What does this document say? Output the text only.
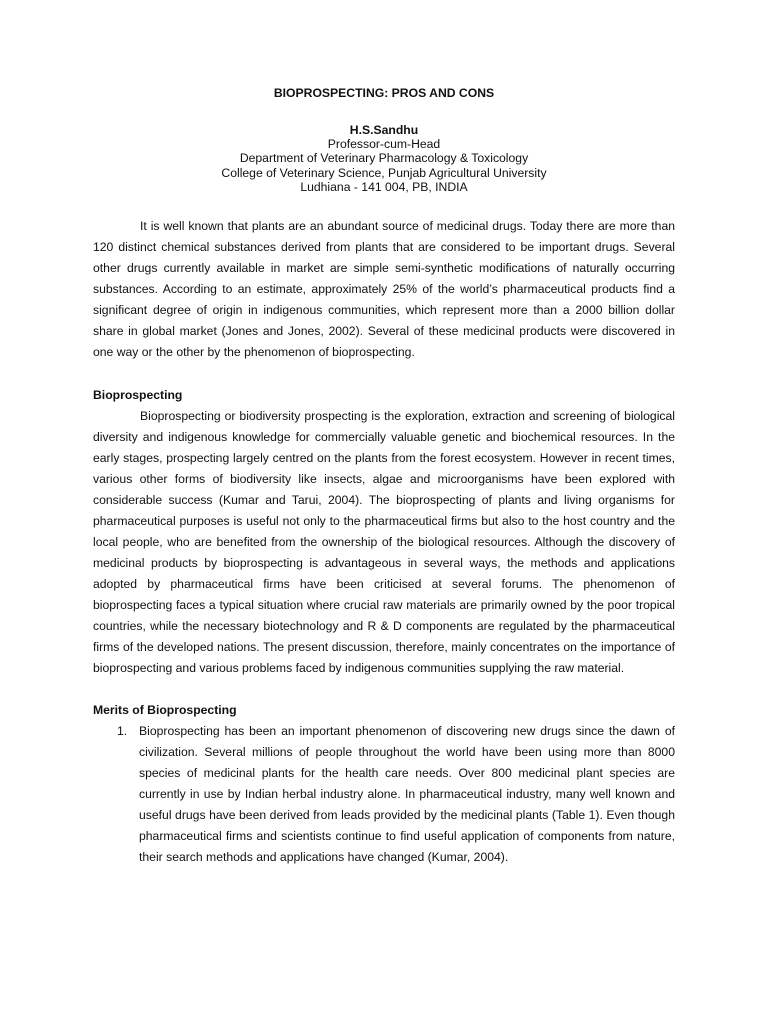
BIOPROSPECTING: PROS AND CONS
H.S.Sandhu
Professor-cum-Head
Department of Veterinary Pharmacology & Toxicology
College of Veterinary Science, Punjab Agricultural University
Ludhiana - 141 004, PB, INDIA

It is well known that plants are an abundant source of medicinal drugs. Today there are more than 120 distinct chemical substances derived from plants that are considered to be important drugs. Several other drugs currently available in market are simple semi-synthetic modifications of naturally occurring substances. According to an estimate, approximately 25% of the world’s pharmaceutical products find a significant degree of origin in indigenous communities, which represent more than a 2000 billion dollar share in global market (Jones and Jones, 2002). Several of these medicinal products were discovered in one way or the other by the phenomenon of bioprospecting.

Bioprospecting

Bioprospecting or biodiversity prospecting is the exploration, extraction and screening of biological diversity and indigenous knowledge for commercially valuable genetic and biochemical resources. In the early stages, prospecting largely centred on the plants from the forest ecosystem. However in recent times, various other forms of biodiversity like insects, algae and microorganisms have been explored with considerable success (Kumar and Tarui, 2004). The bioprospecting of plants and living organisms for pharmaceutical purposes is useful not only to the pharmaceutical firms but also to the host country and the local people, who are benefited from the ownership of the biological resources. Although the discovery of medicinal products by bioprospecting is advantageous in several ways, the methods and applications adopted by pharmaceutical firms have been criticised at several forums. The phenomenon of bioprospecting faces a typical situation where crucial raw materials are primarily owned by the poor tropical countries, while the necessary biotechnology and R & D components are regulated by the pharmaceutical firms of the developed nations. The present discussion, therefore, mainly concentrates on the importance of bioprospecting and various problems faced by indigenous communities supplying the raw material.

Merits of Bioprospecting
1. Bioprospecting has been an important phenomenon of discovering new drugs since the dawn of civilization. Several millions of people throughout the world have been using more than 8000 species of medicinal plants for the health care needs. Over 800 medicinal plant species are currently in use by Indian herbal industry alone. In pharmaceutical industry, many well known and useful drugs have been derived from leads provided by the medicinal plants (Table 1). Even though pharmaceutical firms and scientists continue to find useful application of components from nature, their search methods and applications have changed (Kumar, 2004).
